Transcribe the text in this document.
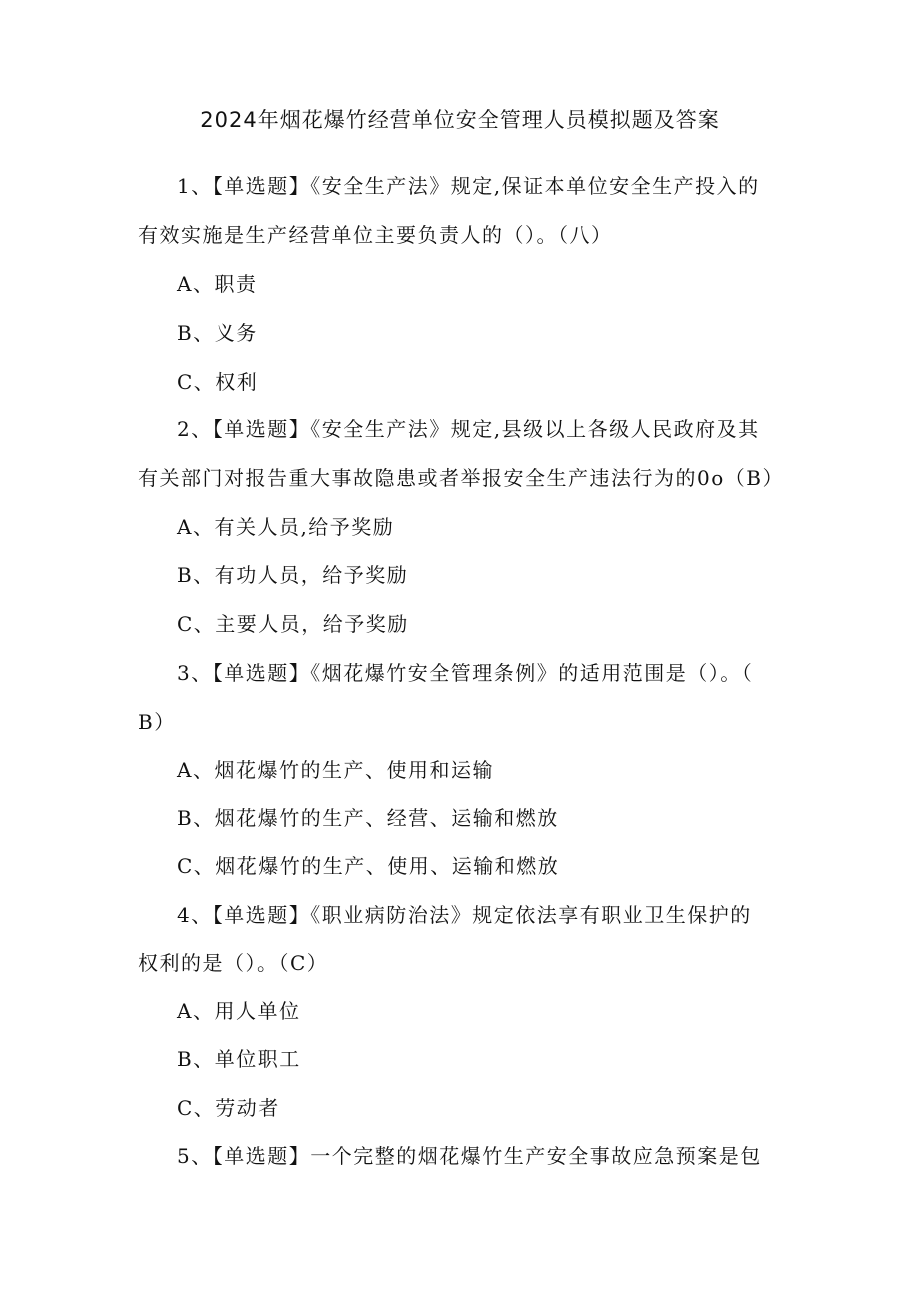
2024年烟花爆竹经营单位安全管理人员模拟题及答案
1、【单选题】《安全生产法》规定,保证本单位安全生产投入的
有效实施是生产经营单位主要负责人的（）。（八）
A、职责
B、义务
C、权利
2、【单选题】《安全生产法》规定,县级以上各级人民政府及其
有关部门对报告重大事故隐患或者举报安全生产违法行为的0o（B）
A、有关人员,给予奖励
B、有功人员，给予奖励
C、主要人员，给予奖励
3、【单选题】《烟花爆竹安全管理条例》的适用范围是（）。（
B）
A、烟花爆竹的生产、使用和运输
B、烟花爆竹的生产、经营、运输和燃放
C、烟花爆竹的生产、使用、运输和燃放
4、【单选题】《职业病防治法》规定依法享有职业卫生保护的
权利的是（）。（C）
A、用人单位
B、单位职工
C、劳动者
5、【单选题】一个完整的烟花爆竹生产安全事故应急预案是包
